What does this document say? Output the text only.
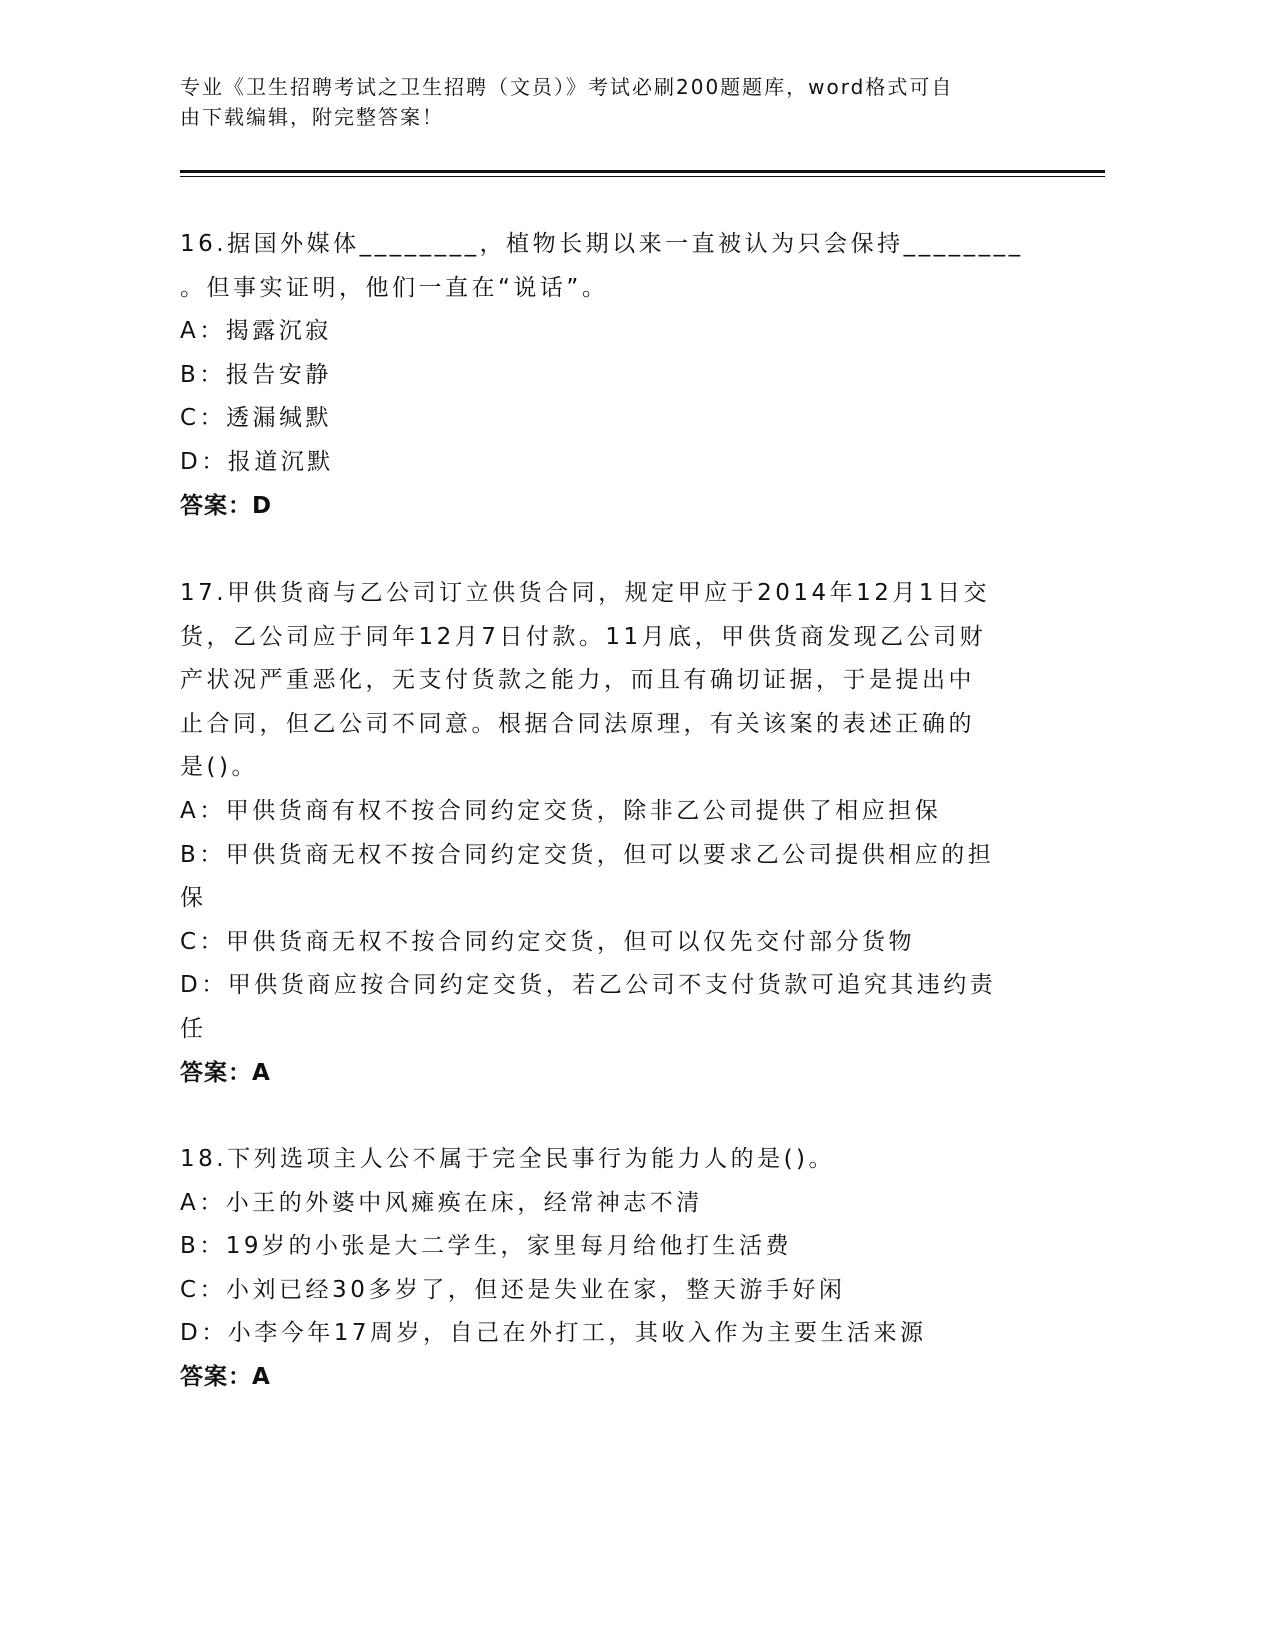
专业《卫生招聘考试之卫生招聘（文员）》考试必刷200题题库，word格式可自
由下载编辑，附完整答案！
16.据国外媒体________，植物长期以来一直被认为只会保持________
。但事实证明，他们一直在“说话”。
A：揭露沉寂
B：报告安静
C：透漏缄默
D：报道沉默
答案：D
17.甲供货商与乙公司订立供货合同，规定甲应于2014年12月1日交
货，乙公司应于同年12月7日付款。11月底，甲供货商发现乙公司财
产状况严重恶化，无支付货款之能力，而且有确切证据，于是提出中
止合同，但乙公司不同意。根据合同法原理，有关该案的表述正确的
是()。
A：甲供货商有权不按合同约定交货，除非乙公司提供了相应担保
B：甲供货商无权不按合同约定交货，但可以要求乙公司提供相应的担
保
C：甲供货商无权不按合同约定交货，但可以仅先交付部分货物
D：甲供货商应按合同约定交货，若乙公司不支付货款可追究其违约责
任
答案：A
18.下列选项主人公不属于完全民事行为能力人的是()。
A：小王的外婆中风瘫痪在床，经常神志不清
B：19岁的小张是大二学生，家里每月给他打生活费
C：小刘已经30多岁了，但还是失业在家，整天游手好闲
D：小李今年17周岁，自己在外打工，其收入作为主要生活来源
答案：A
